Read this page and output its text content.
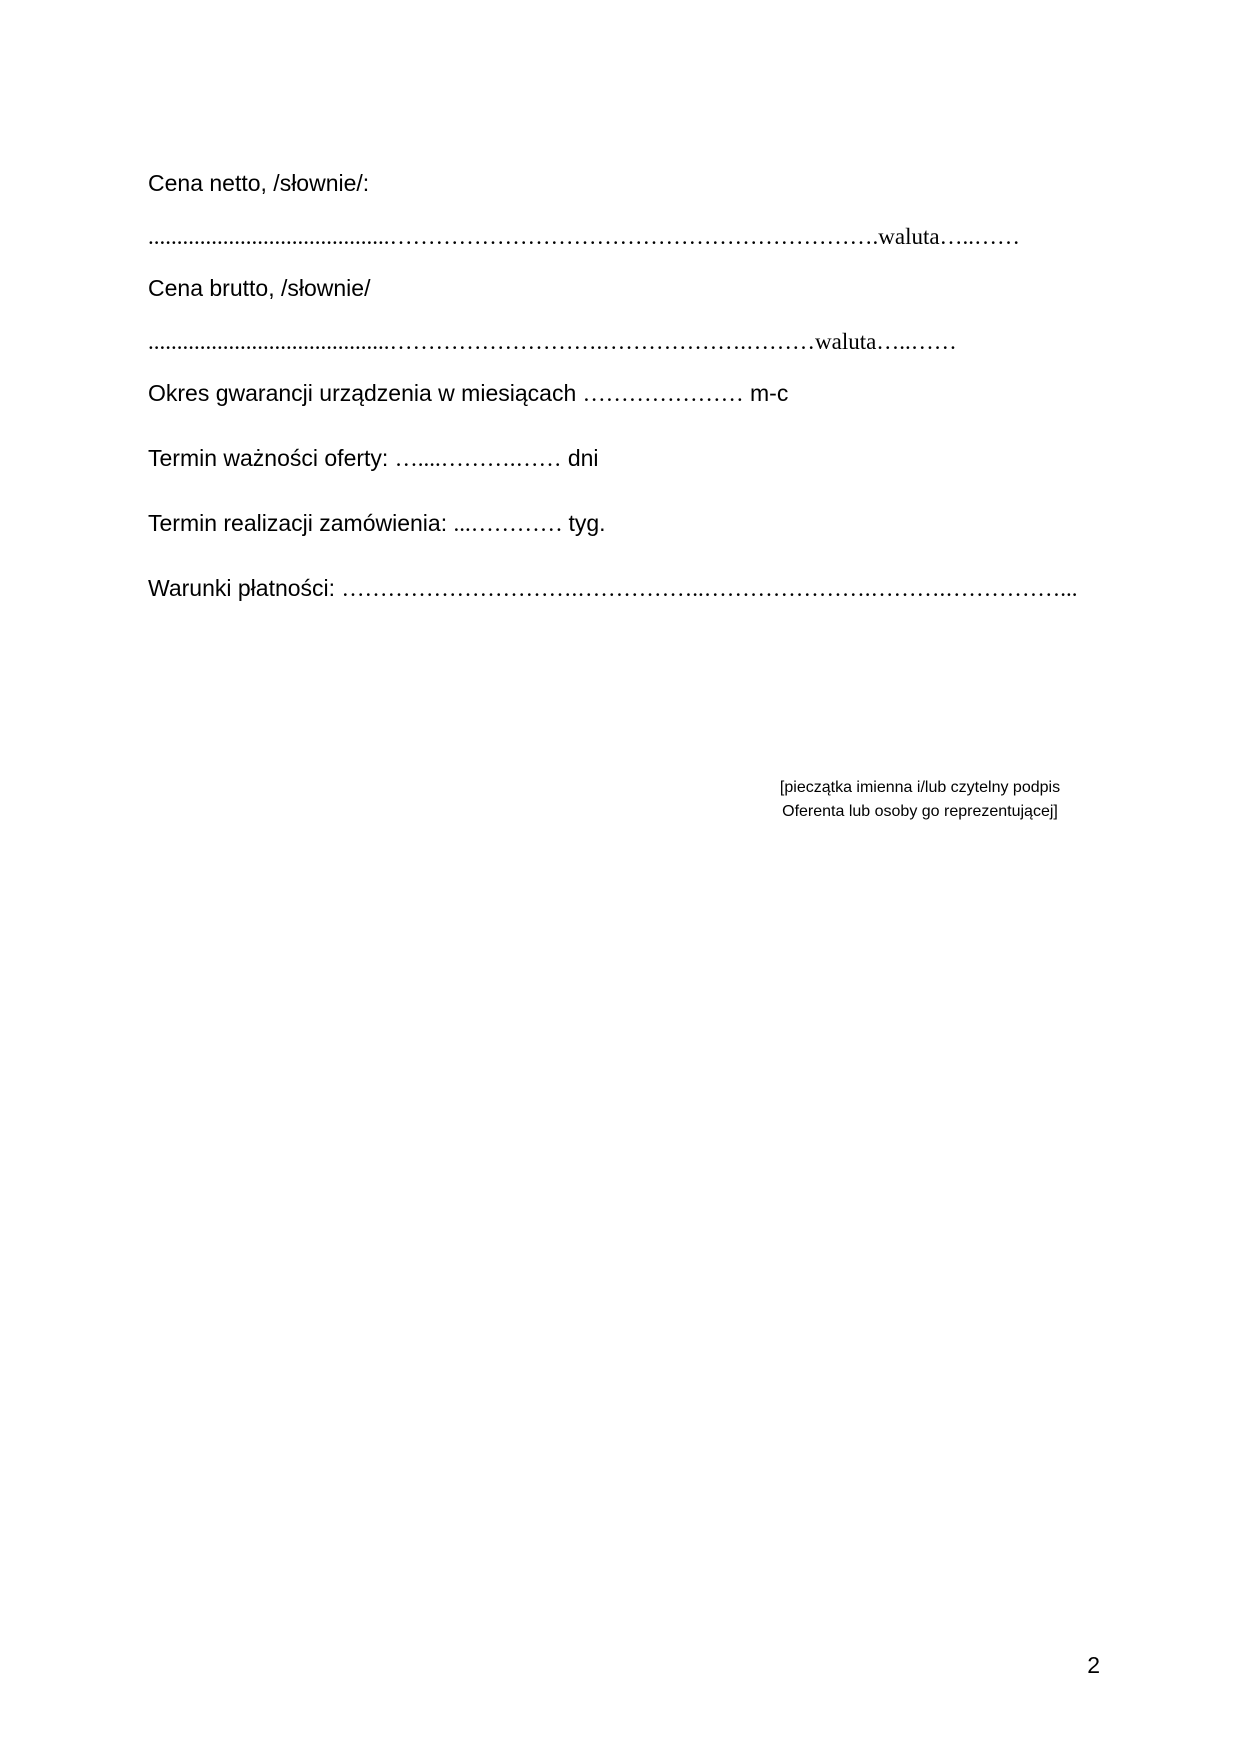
Cena netto, /słownie/:
..........................................……………………………………………………….waluta…..……
Cena brutto, /słownie/
..........................................……………………….……………….………waluta…..……
Okres gwarancji urządzenia w miesiącach ………………… m-c
Termin ważności oferty: …....……….…… dni
Termin realizacji zamówienia: ...………… tyg.
Warunki płatności: ………………………….……………..………………….……….……………...
[pieczątka imienna i/lub czytelny podpis
Oferenta lub osoby go reprezentującej]
2
